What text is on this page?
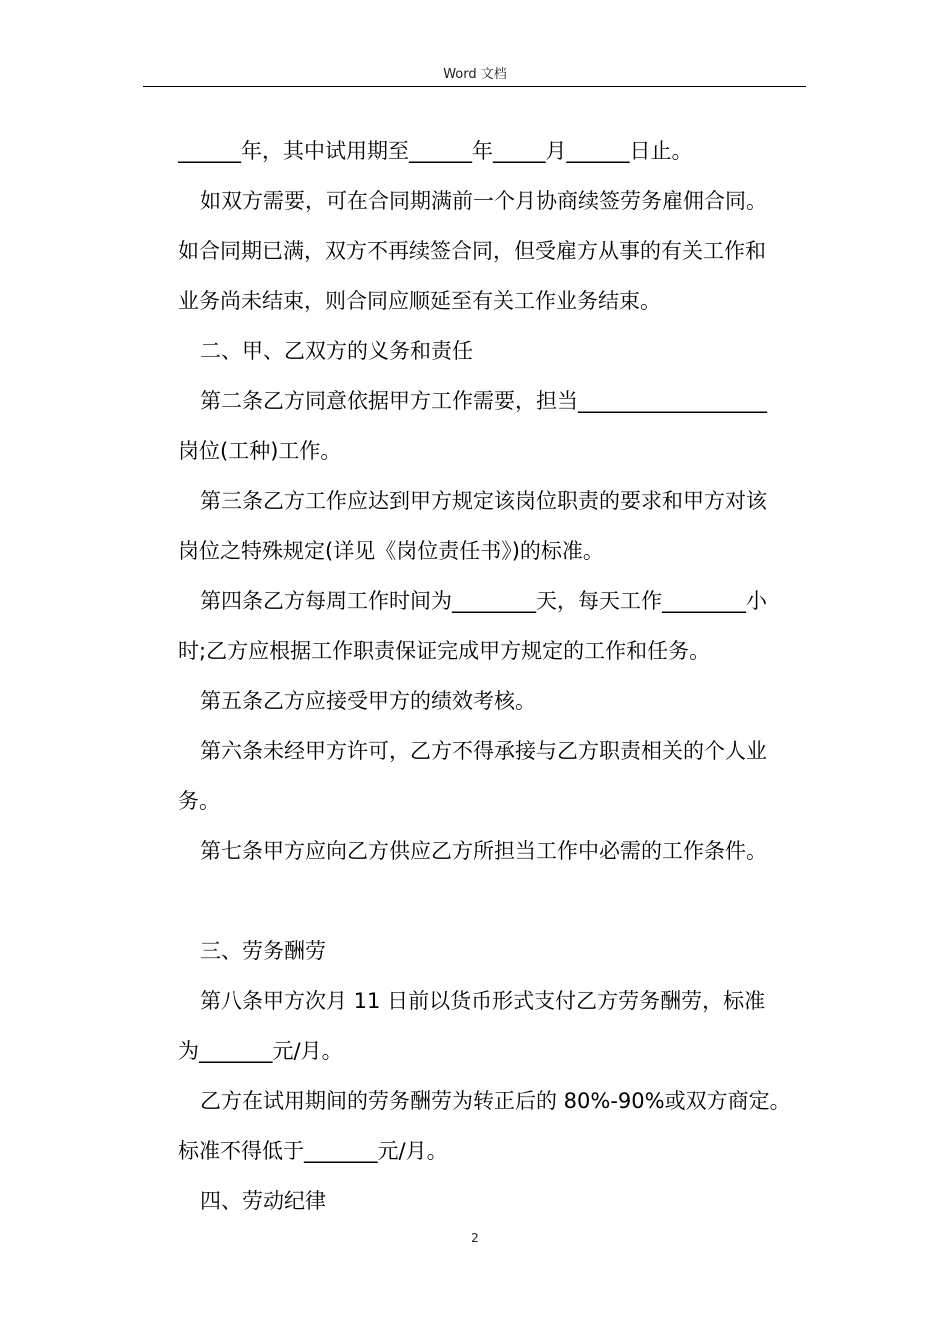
Word 文档
______年，其中试用期至______年_____月______日止。
如双方需要，可在合同期满前一个月协商续签劳务雇佣合同。
如合同期已满，双方不再续签合同，但受雇方从事的有关工作和
业务尚未结束，则合同应顺延至有关工作业务结束。
二、甲、乙双方的义务和责任
第二条乙方同意依据甲方工作需要，担当__________________
岗位(工种)工作。
第三条乙方工作应达到甲方规定该岗位职责的要求和甲方对该
岗位之特殊规定(详见《岗位责任书》)的标准。
第四条乙方每周工作时间为________天，每天工作________小
时;乙方应根据工作职责保证完成甲方规定的工作和任务。
第五条乙方应接受甲方的绩效考核。
第六条未经甲方许可，乙方不得承接与乙方职责相关的个人业
务。
第七条甲方应向乙方供应乙方所担当工作中必需的工作条件。
三、劳务酬劳
第八条甲方次月 11 日前以货币形式支付乙方劳务酬劳，标准
为_______元/月。
乙方在试用期间的劳务酬劳为转正后的 80%-90%或双方商定。
标准不得低于_______元/月。
四、劳动纪律
2
